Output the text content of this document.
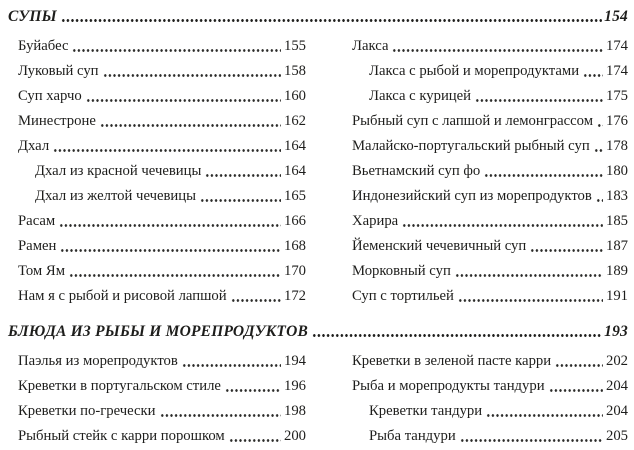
СУПЫ	154
Буйабес	155
Луковый суп	158
Суп харчо	160
Минестроне	162
Дхал	164
Дхал из красной чечевицы	164
Дхал из желтой чечевицы	165
Расам	166
Рамен	168
Том Ям	170
Нам я с рыбой и рисовой лапшой	172
Лакса	174
Лакса с рыбой и морепродуктами 174
Лакса с курицей	175
Рыбный суп с лапшой и лемонграссом 176
Малайско-португальский рыбный суп 178
Вьетнамский суп фо	180
Индонезийский суп из морепродуктов 183
Харира	185
Йеменский чечевичный суп	187
Морковный суп	189
Суп с тортильей	191
БЛЮДА ИЗ РЫБЫ И МОРЕПРОДУКТОВ	193
Паэлья из морепродуктов	194
Креветки в португальском стиле	196
Креветки по-гречески	198
Рыбный стейк с карри порошком	200
Креветки в зеленой пасте карри	202
Рыба и морепродукты тандури	204
Креветки тандури	204
Рыба тандури	205
